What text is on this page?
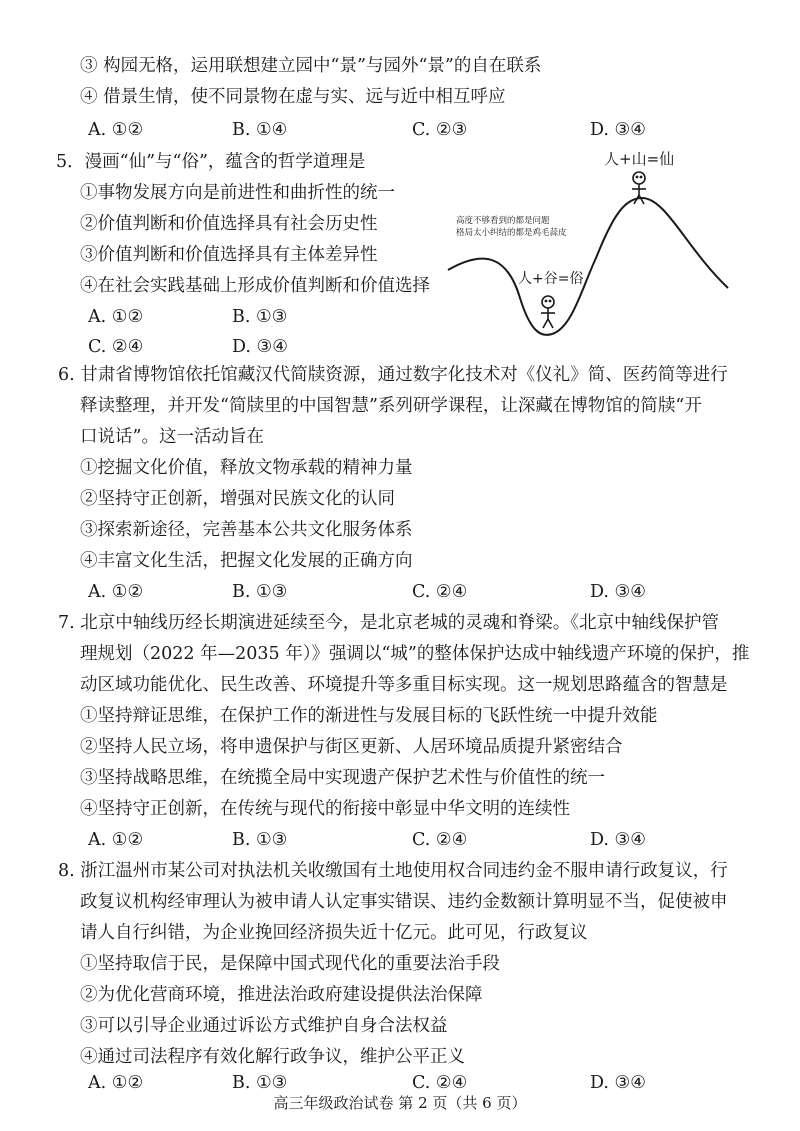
③ 构园无格，运用联想建立园中“景”与园外“景”的自在联系
④ 借景生情，使不同景物在虚与实、远与近中相互呼应
A. ①②	B. ①④	C. ②③	D. ③④
5．漫画“仙”与“俗”，蕴含的哲学道理是
①事物发展方向是前进性和曲折性的统一
②价值判断和价值选择具有社会历史性
③价值判断和价值选择具有主体差异性
④在社会实践基础上形成价值判断和价值选择
A. ①②	B. ①③
C. ②④	D. ③④
人+山=仙
高度不够看到的都是问题
格局太小纠结的都是鸡毛蒜皮
人+谷=俗
6. 甘肃省博物馆依托馆藏汉代简牍资源，通过数字化技术对《仪礼》简、医药简等进行
释读整理，并开发“简牍里的中国智慧”系列研学课程，让深藏在博物馆的简牍“开
口说话”。这一活动旨在
①挖掘文化价值，释放文物承载的精神力量
②坚持守正创新，增强对民族文化的认同
③探索新途径，完善基本公共文化服务体系
④丰富文化生活，把握文化发展的正确方向
A. ①②	B. ①③	C. ②④	D. ③④
7. 北京中轴线历经长期演进延续至今，是北京老城的灵魂和脊梁。《北京中轴线保护管
理规划（2022 年—2035 年）》强调以“城”的整体保护达成中轴线遗产环境的保护，推
动区域功能优化、民生改善、环境提升等多重目标实现。这一规划思路蕴含的智慧是
①坚持辩证思维，在保护工作的渐进性与发展目标的飞跃性统一中提升效能
②坚持人民立场，将申遗保护与街区更新、人居环境品质提升紧密结合
③坚持战略思维，在统揽全局中实现遗产保护艺术性与价值性的统一
④坚持守正创新，在传统与现代的衔接中彰显中华文明的连续性
A. ①②	B. ①③	C. ②④	D. ③④
8. 浙江温州市某公司对执法机关收缴国有土地使用权合同违约金不服申请行政复议，行
政复议机构经审理认为被申请人认定事实错误、违约金数额计算明显不当，促使被申
请人自行纠错，为企业挽回经济损失近十亿元。此可见，行政复议
①坚持取信于民，是保障中国式现代化的重要法治手段
②为优化营商环境，推进法治政府建设提供法治保障
③可以引导企业通过诉讼方式维护自身合法权益
④通过司法程序有效化解行政争议，维护公平正义
A. ①②	B. ①③	C. ②④	D. ③④
高三年级政治试卷 第 2 页（共 6 页）
